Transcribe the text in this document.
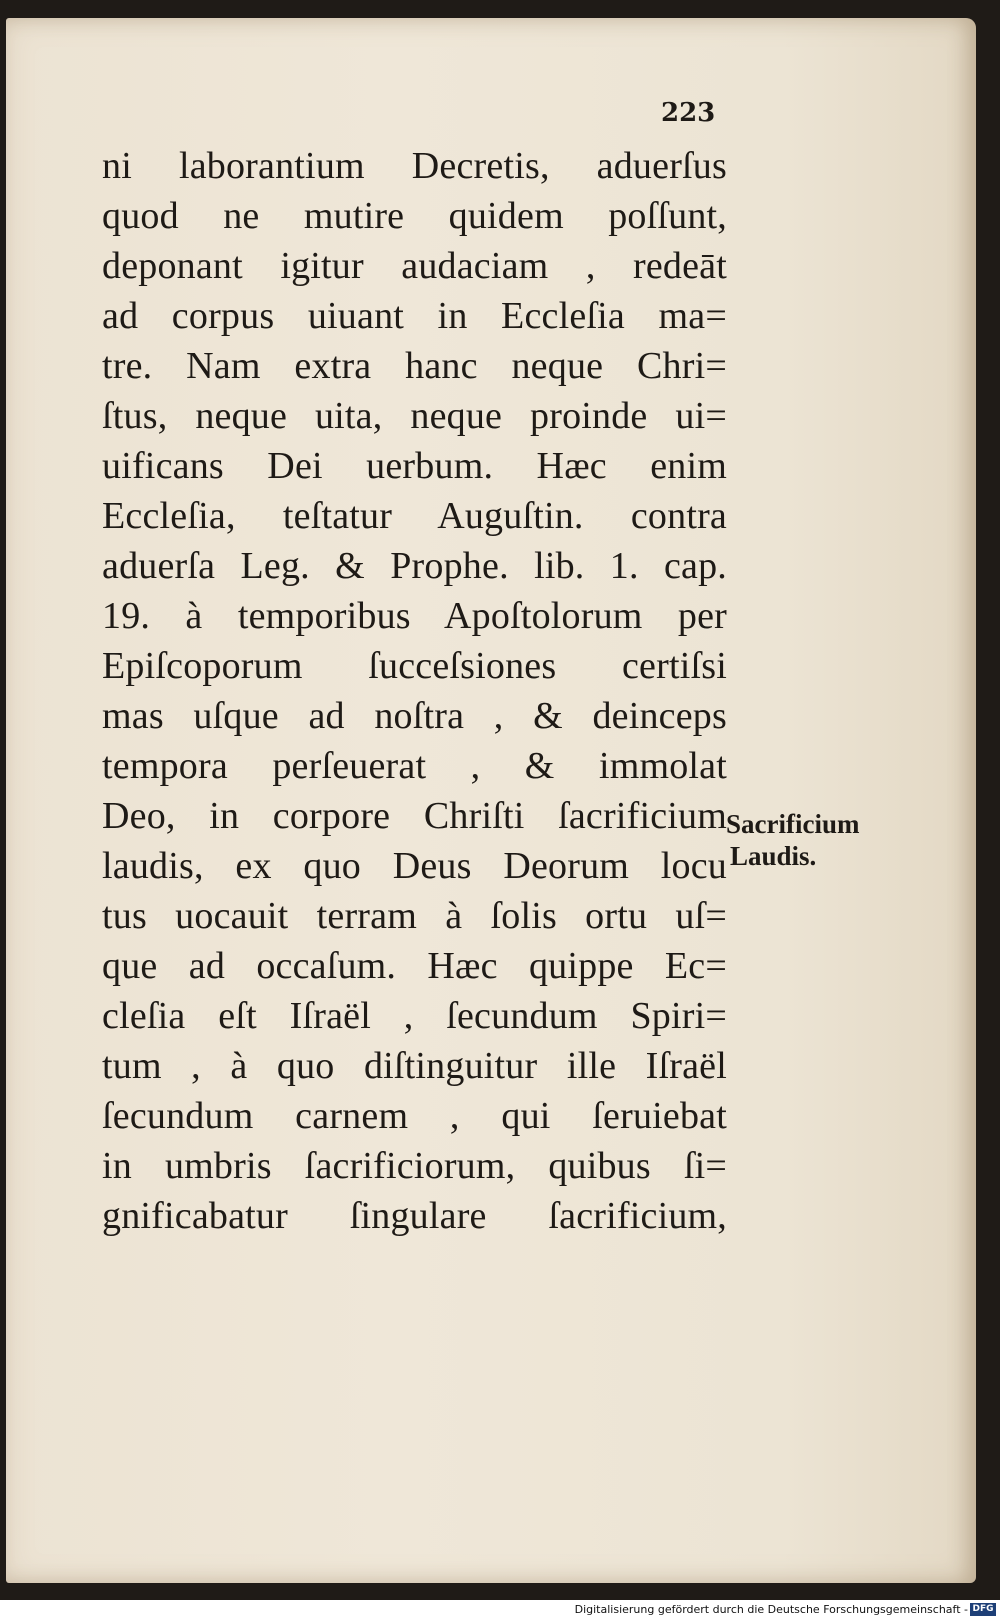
223
ni laborantium Decretis, aduerſus
quod ne mutire quidem poſſunt,
deponant igitur audaciam , redeāt
ad corpus uiuant in Eccleſia ma=
tre. Nam extra hanc neque Chri=
ſtus, neque uita, neque proinde ui=
uificans Dei uerbum. Hæc enim
Eccleſia, teſtatur Auguſtin. contra
aduerſa Leg. & Prophe. lib. 1. cap.
19. à temporibus Apoſtolorum per
Epiſcoporum ſucceſsiones certiſsi
mas uſque ad noſtra , & deinceps
tempora perſeuerat , & immolat
Deo, in corpore Chriſti ſacrificium
laudis, ex quo Deus Deorum locu
tus uocauit terram à ſolis ortu uſ=
que ad occaſum. Hæc quippe Ec=
cleſia eſt Iſraël , ſecundum Spiri=
tum , à quo diſtinguitur ille Iſraël
ſecundum carnem , qui ſeruiebat
in umbris ſacrificiorum, quibus ſi=
gnificabatur ſingulare ſacrificium,
Sacrificium
Laudis.
Digitalisierung gefördert durch die Deutsche Forschungsgemeinschaft - DFG
